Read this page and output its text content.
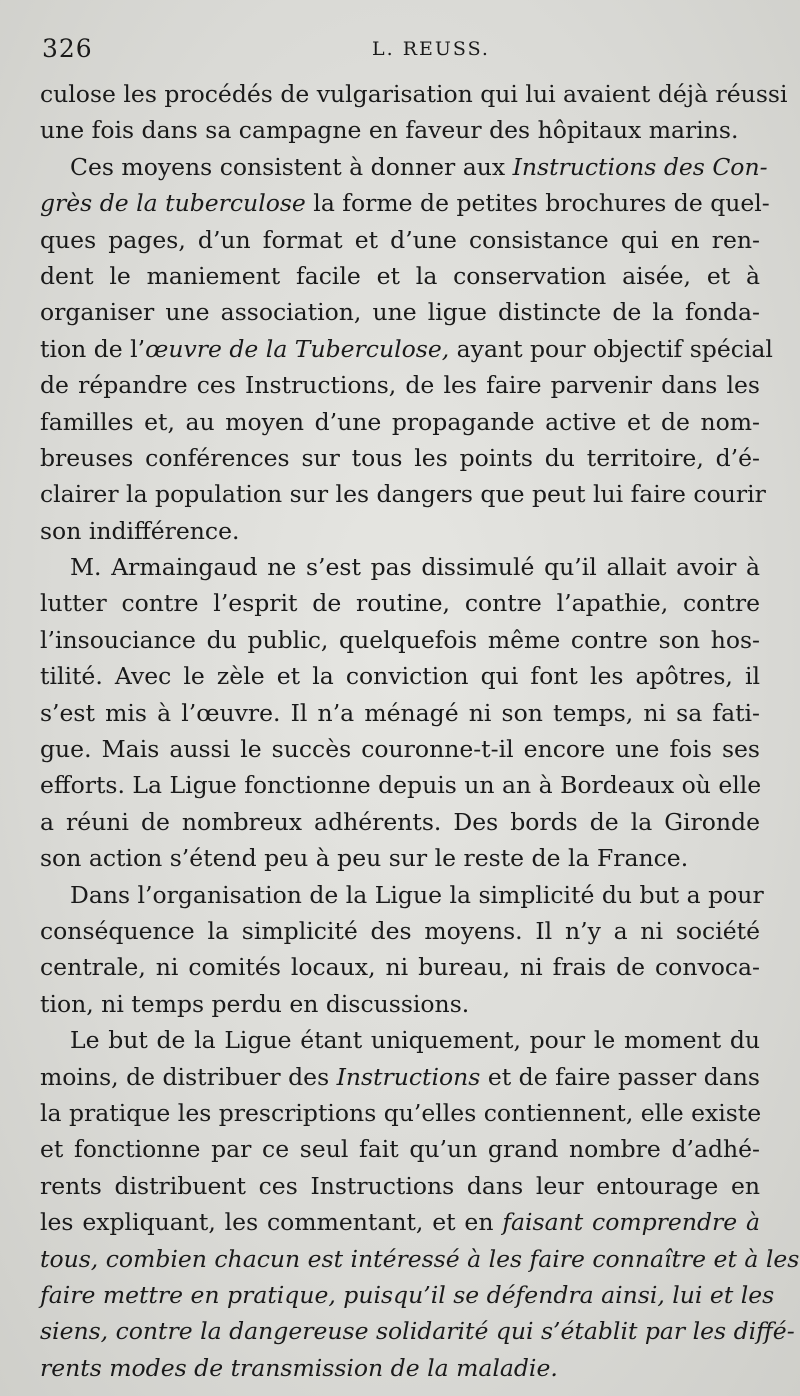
326	L. REUSS.
culose les procédés de vulgarisation qui lui avaient déjà réussi
une fois dans sa campagne en faveur des hôpitaux marins.
Ces moyens consistent à donner aux Instructions des Con-
grès de la tuberculose la forme de petites brochures de quel-
ques pages, d’un format et d’une consistance qui en ren-
dent le maniement facile et la conservation aisée, et à
organiser une association, une ligue distincte de la fonda-
tion de l’œuvre de la Tuberculose, ayant pour objectif spécial
de répandre ces Instructions, de les faire parvenir dans les
familles et, au moyen d’une propagande active et de nom-
breuses conférences sur tous les points du territoire, d’é-
clairer la population sur les dangers que peut lui faire courir
son indifférence.
M. Armaingaud ne s’est pas dissimulé qu’il allait avoir à
lutter contre l’esprit de routine, contre l’apathie, contre
l’insouciance du public, quelquefois même contre son hos-
tilité. Avec le zèle et la conviction qui font les apôtres, il
s’est mis à l’œuvre. Il n’a ménagé ni son temps, ni sa fati-
gue. Mais aussi le succès couronne-t-il encore une fois ses
efforts. La Ligue fonctionne depuis un an à Bordeaux où elle
a réuni de nombreux adhérents. Des bords de la Gironde
son action s’étend peu à peu sur le reste de la France.
Dans l’organisation de la Ligue la simplicité du but a pour
conséquence la simplicité des moyens. Il n’y a ni société
centrale, ni comités locaux, ni bureau, ni frais de convoca-
tion, ni temps perdu en discussions.
Le but de la Ligue étant uniquement, pour le moment du
moins, de distribuer des Instructions et de faire passer dans
la pratique les prescriptions qu’elles contiennent, elle existe
et fonctionne par ce seul fait qu’un grand nombre d’adhé-
rents distribuent ces Instructions dans leur entourage en
les expliquant, les commentant, et en faisant comprendre à
tous, combien chacun est intéressé à les faire connaître et à les
faire mettre en pratique, puisqu’il se défendra ainsi, lui et les
siens, contre la dangereuse solidarité qui s’établit par les diffé-
rents modes de transmission de la maladie.
